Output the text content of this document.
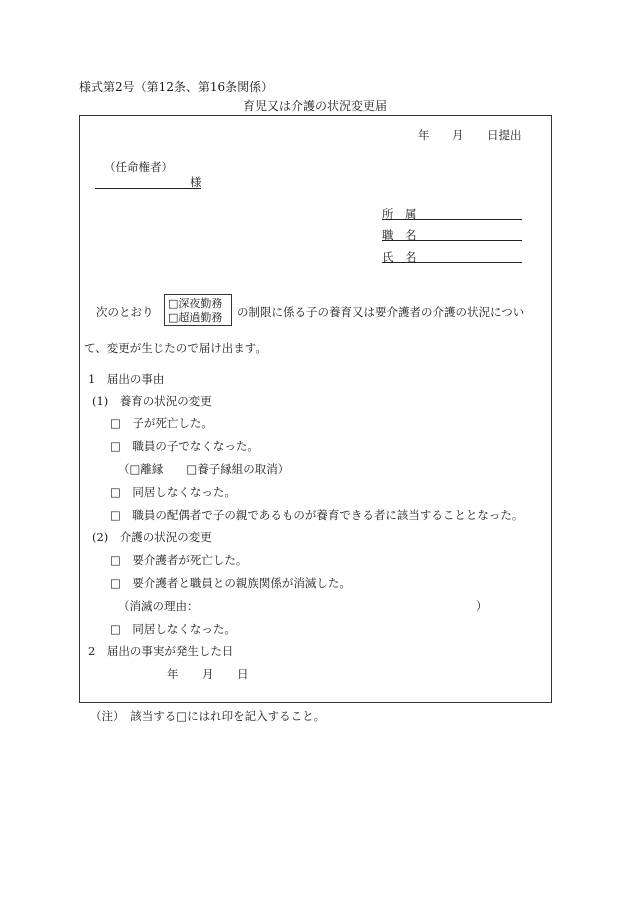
様式第2号（第12条、第16条関係）
育児又は介護の状況変更届
年 月 日提出
（任命権者）
様
所　属
職　名
氏　名
次のとおり
□深夜勤務
□超過勤務 の制限に係る子の養育又は要介護者の介護の状況につい
て、変更が生じたので届け出ます。
1　届出の事由
(1)　養育の状況の変更
□　子が死亡した。
□　職員の子でなくなった。
（□離縁　　□養子縁組の取消）
□　同居しなくなった。
□　職員の配偶者で子の親であるものが養育できる者に該当することとなった。
(2)　介護の状況の変更
□　要介護者が死亡した。
□　要介護者と職員との親族関係が消滅した。
（消滅の理由：	）
□　同居しなくなった。
2　届出の事実が発生した日
年 月 日
（注）　該当する□にはれ印を記入すること。
